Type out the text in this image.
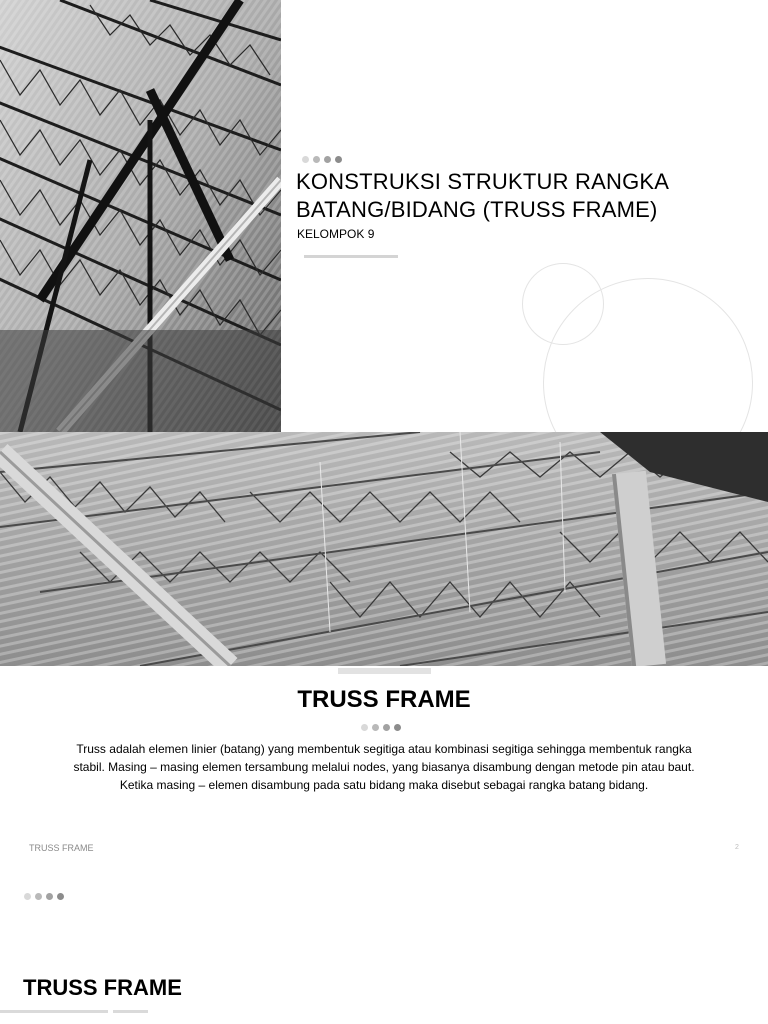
KONSTRUKSI STRUKTUR RANGKA
BATANG/BIDANG (TRUSS FRAME)
KELOMPOK 9
TRUSS FRAME

Truss adalah elemen linier (batang) yang membentuk segitiga atau kombinasi segitiga sehingga membentuk rangka stabil. Masing – masing elemen tersambung melalui nodes, yang biasanya disambung dengan metode pin atau baut. Ketika masing – elemen disambung pada satu bidang maka disebut sebagai rangka batang bidang.

TRUSS FRAME	2
TRUSS FRAME
